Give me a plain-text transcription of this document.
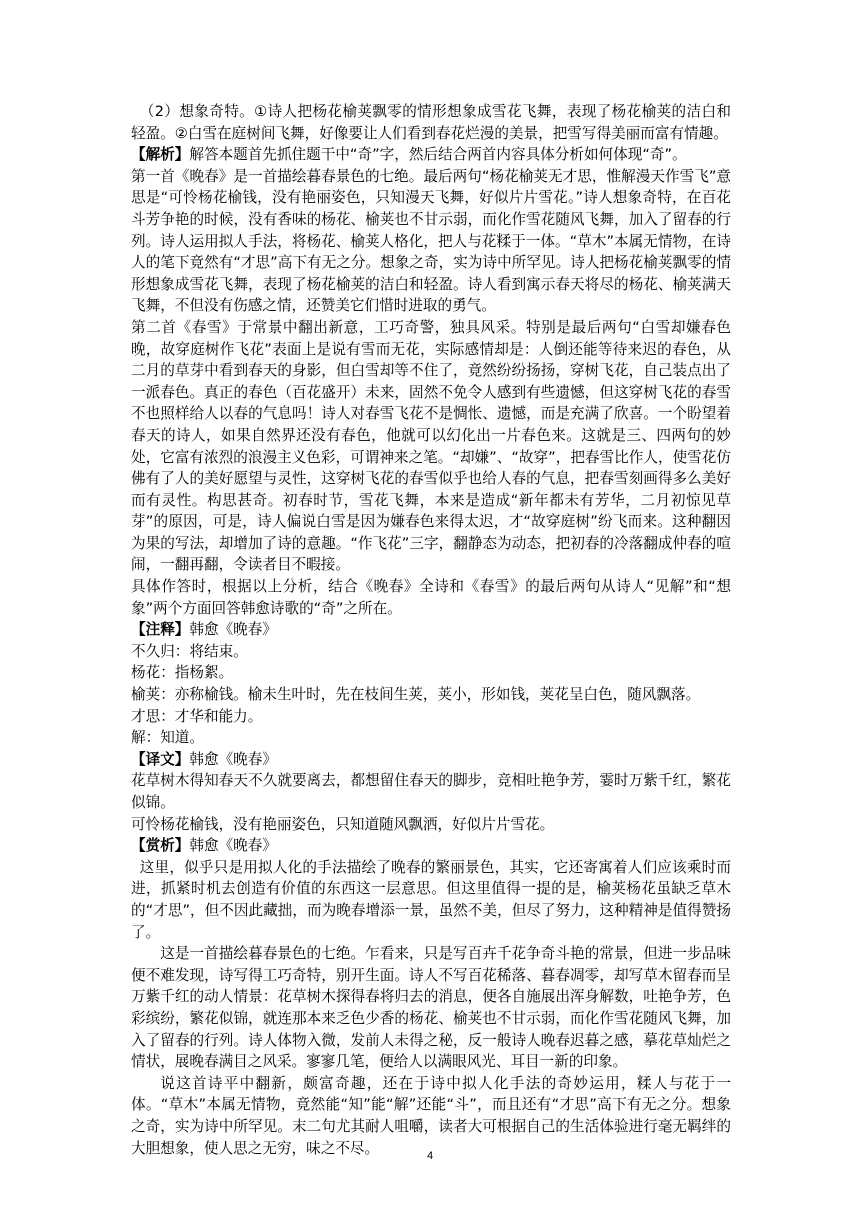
（2）想象奇特。①诗人把杨花榆荚飘零的情形想象成雪花飞舞，表现了杨花榆荚的洁白和轻盈。②白雪在庭树间飞舞，好像要让人们看到春花烂漫的美景，把雪写得美丽而富有情趣。

【解析】解答本题首先抓住题干中“奇”字，然后结合两首内容具体分析如何体现“奇”。

第一首《晚春》是一首描绘暮春景色的七绝。最后两句“杨花榆荚无才思，惟解漫天作雪飞”意思是“可怜杨花榆钱，没有艳丽姿色，只知漫天飞舞，好似片片雪花。”诗人想象奇特，在百花斗芳争艳的时候，没有香味的杨花、榆荚也不甘示弱，而化作雪花随风飞舞，加入了留春的行列。诗人运用拟人手法，将杨花、榆荚人格化，把人与花糅于一体。“草木”本属无情物，在诗人的笔下竟然有“才思”高下有无之分。想象之奇，实为诗中所罕见。诗人把杨花榆荚飘零的情形想象成雪花飞舞，表现了杨花榆荚的洁白和轻盈。诗人看到寓示春天将尽的杨花、榆荚满天飞舞，不但没有伤感之情，还赞美它们惜时进取的勇气。

第二首《春雪》于常景中翻出新意，工巧奇警，独具风采。特别是最后两句“白雪却嫌春色晚，故穿庭树作飞花”表面上是说有雪而无花，实际感情却是：人倒还能等待来迟的春色，从二月的草芽中看到春天的身影，但白雪却等不住了，竟然纷纷扬扬，穿树飞花，自己装点出了一派春色。真正的春色（百花盛开）未来，固然不免令人感到有些遗憾，但这穿树飞花的春雪不也照样给人以春的气息吗！诗人对春雪飞花不是惆怅、遗憾，而是充满了欣喜。一个盼望着春天的诗人，如果自然界还没有春色，他就可以幻化出一片春色来。这就是三、四两句的妙处，它富有浓烈的浪漫主义色彩，可谓神来之笔。“却嫌”、“故穿”，把春雪比作人，使雪花仿佛有了人的美好愿望与灵性，这穿树飞花的春雪似乎也给人春的气息，把春雪刻画得多么美好而有灵性。构思甚奇。初春时节，雪花飞舞，本来是造成“新年都未有芳华，二月初惊见草芽”的原因，可是，诗人偏说白雪是因为嫌春色来得太迟，才“故穿庭树”纷飞而来。这种翻因为果的写法，却增加了诗的意趣。“作飞花”三字，翻静态为动态，把初春的冷落翻成仲春的喧闹，一翻再翻，令读者目不暇接。

具体作答时，根据以上分析，结合《晚春》全诗和《春雪》的最后两句从诗人“见解”和“想象”两个方面回答韩愈诗歌的“奇”之所在。

【注释】韩愈《晚春》

不久归：将结束。

杨花：指杨絮。

榆荚：亦称榆钱。榆未生叶时，先在枝间生荚，荚小，形如钱，荚花呈白色，随风飘落。

才思：才华和能力。

解：知道。

【译文】韩愈《晚春》

花草树木得知春天不久就要离去，都想留住春天的脚步，竞相吐艳争芳，霎时万紫千红，繁花似锦。

可怜杨花榆钱，没有艳丽姿色，只知道随风飘洒，好似片片雪花。

【赏析】韩愈《晚春》

这里，似乎只是用拟人化的手法描绘了晚春的繁丽景色，其实，它还寄寓着人们应该乘时而进，抓紧时机去创造有价值的东西这一层意思。但这里值得一提的是，榆荚杨花虽缺乏草木的“才思”，但不因此藏拙，而为晚春增添一景，虽然不美，但尽了努力，这种精神是值得赞扬了。

这是一首描绘暮春景色的七绝。乍看来，只是写百卉千花争奇斗艳的常景，但进一步品味便不难发现，诗写得工巧奇特，别开生面。诗人不写百花稀落、暮春凋零，却写草木留春而呈万紫千红的动人情景：花草树木探得春将归去的消息，便各自施展出浑身解数，吐艳争芳，色彩缤纷，繁花似锦，就连那本来乏色少香的杨花、榆荚也不甘示弱，而化作雪花随风飞舞，加入了留春的行列。诗人体物入微，发前人未得之秘，反一般诗人晚春迟暮之感，摹花草灿烂之情状，展晚春满目之风采。寥寥几笔，便给人以满眼风光、耳目一新的印象。

说这首诗平中翻新，颇富奇趣，还在于诗中拟人化手法的奇妙运用，糅人与花于一体。“草木”本属无情物，竟然能“知”能“解”还能“斗”，而且还有“才思”高下有无之分。想象之奇，实为诗中所罕见。末二句尤其耐人咀嚼，读者大可根据自己的生活体验进行毫无羁绊的大胆想象，使人思之无穷，味之不尽。	4
